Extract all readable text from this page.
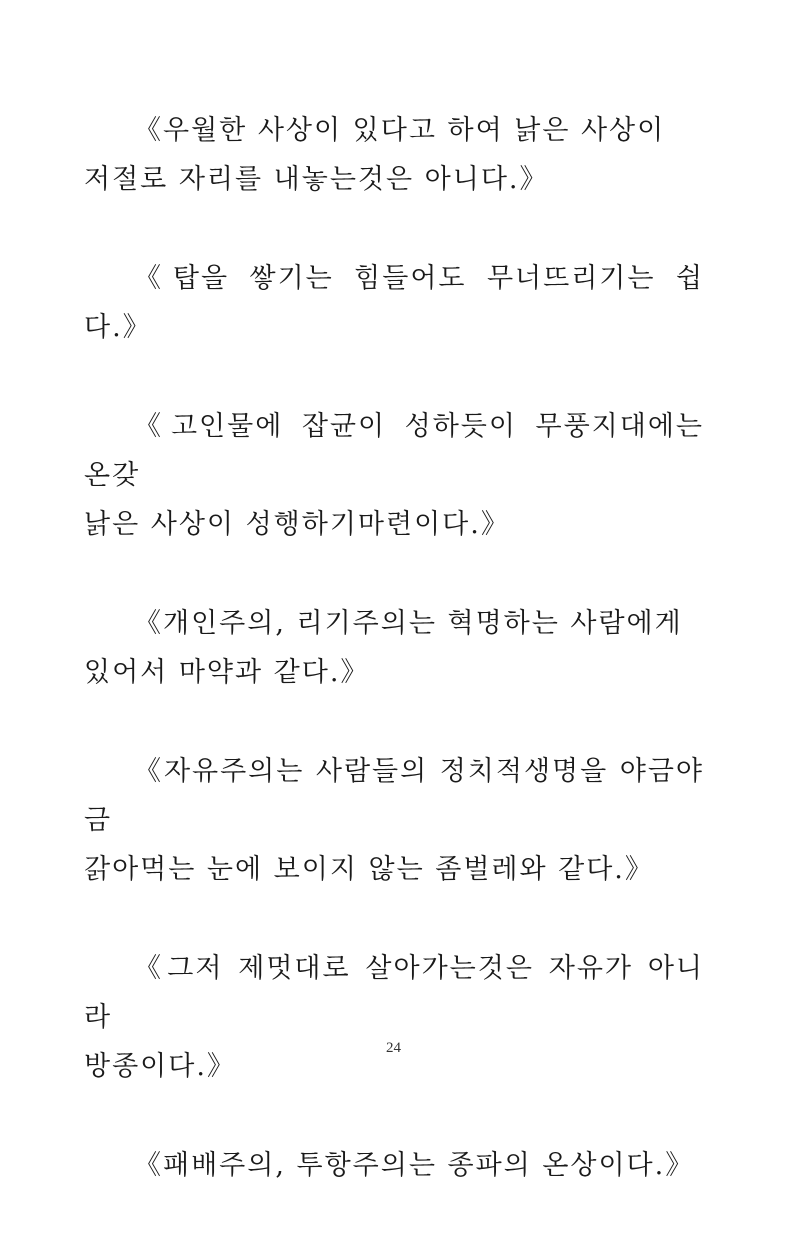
《우월한 사상이 있다고 하여 낡은 사상이
저절로 자리를 내놓는것은 아니다.》

《탑을 쌓기는 힘들어도 무너뜨리기는 쉽다.》

《고인물에 잡균이 성하듯이 무풍지대에는 온갖
낡은 사상이 성행하기마련이다.》

《개인주의, 리기주의는 혁명하는 사람에게
있어서 마약과 같다.》

《자유주의는 사람들의 정치적생명을 야금야금
갉아먹는 눈에 보이지 않는 좀벌레와 같다.》

《그저 제멋대로 살아가는것은 자유가 아니라
방종이다.》

《패배주의, 투항주의는 종파의 온상이다.》

24
